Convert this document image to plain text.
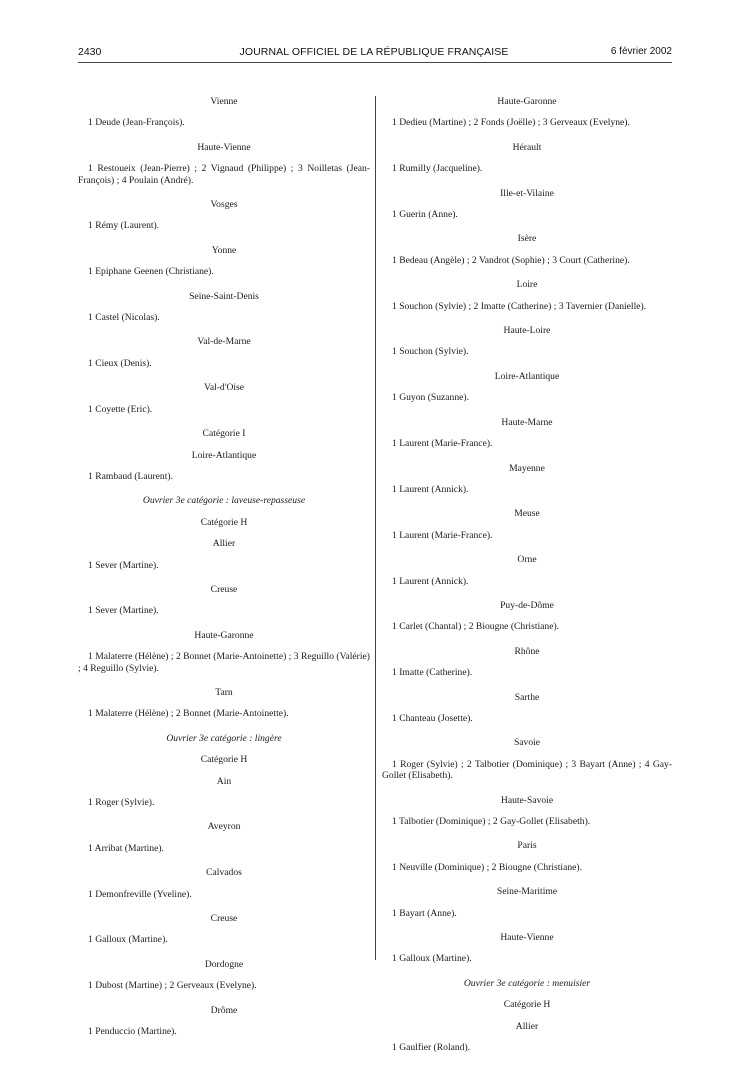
2430	JOURNAL OFFICIEL DE LA RÉPUBLIQUE FRANÇAISE	6 février 2002

Vienne

1 Deude (Jean-François).

Haute-Vienne

1 Restoueix (Jean-Pierre) ; 2 Vignaud (Philippe) ; 3 Noilletas (Jean-François) ; 4 Poulain (André).

Vosges

1 Rémy (Laurent).

Yonne

1 Epiphane Geenen (Christiane).

Seine-Saint-Denis

1 Castel (Nicolas).

Val-de-Marne

1 Cieux (Denis).

Val-d'Oise

1 Coyette (Eric).

Catégorie I

Loire-Atlantique

1 Rambaud (Laurent).

Ouvrier 3e catégorie : laveuse-repasseuse

Catégorie H

Allier

1 Sever (Martine).

Creuse

1 Sever (Martine).

Haute-Garonne

1 Malaterre (Hélène) ; 2 Bonnet (Marie-Antoinette) ; 3 Reguillo (Valérie) ; 4 Reguillo (Sylvie).

Tarn

1 Malaterre (Hélène) ; 2 Bonnet (Marie-Antoinette).

Ouvrier 3e catégorie : lingère

Catégorie H

Ain

1 Roger (Sylvie).

Aveyron

1 Arribat (Martine).

Calvados

1 Demonfreville (Yveline).

Creuse

1 Galloux (Martine).

Dordogne

1 Dubost (Martine) ; 2 Gerveaux (Evelyne).

Drôme

1 Penduccio (Martine).

Haute-Garonne

1 Dedieu (Martine) ; 2 Fonds (Joëlle) ; 3 Gerveaux (Evelyne).

Hérault

1 Rumilly (Jacqueline).

Ille-et-Vilaine

1 Guerin (Anne).

Isère

1 Bedeau (Angèle) ; 2 Vandrot (Sophie) ; 3 Court (Catherine).

Loire

1 Souchon (Sylvie) ; 2 Imatte (Catherine) ; 3 Tavernier (Danielle).

Haute-Loire

1 Souchon (Sylvie).

Loire-Atlantique

1 Guyon (Suzanne).

Haute-Marne

1 Laurent (Marie-France).

Mayenne

1 Laurent (Annick).

Meuse

1 Laurent (Marie-France).

Orne

1 Laurent (Annick).

Puy-de-Dôme

1 Carlet (Chantal) ; 2 Biougne (Christiane).

Rhône

1 Imatte (Catherine).

Sarthe

1 Chanteau (Josette).

Savoie

1 Roger (Sylvie) ; 2 Talbotier (Dominique) ; 3 Bayart (Anne) ; 4 Gay-Gollet (Elisabeth).

Haute-Savoie

1 Talbotier (Dominique) ; 2 Gay-Gollet (Elisabeth).

Paris

1 Neuville (Dominique) ; 2 Biougne (Christiane).

Seine-Maritime

1 Bayart (Anne).

Haute-Vienne

1 Galloux (Martine).

Ouvrier 3e catégorie : menuisier

Catégorie H

Allier

1 Gaulfier (Roland).
